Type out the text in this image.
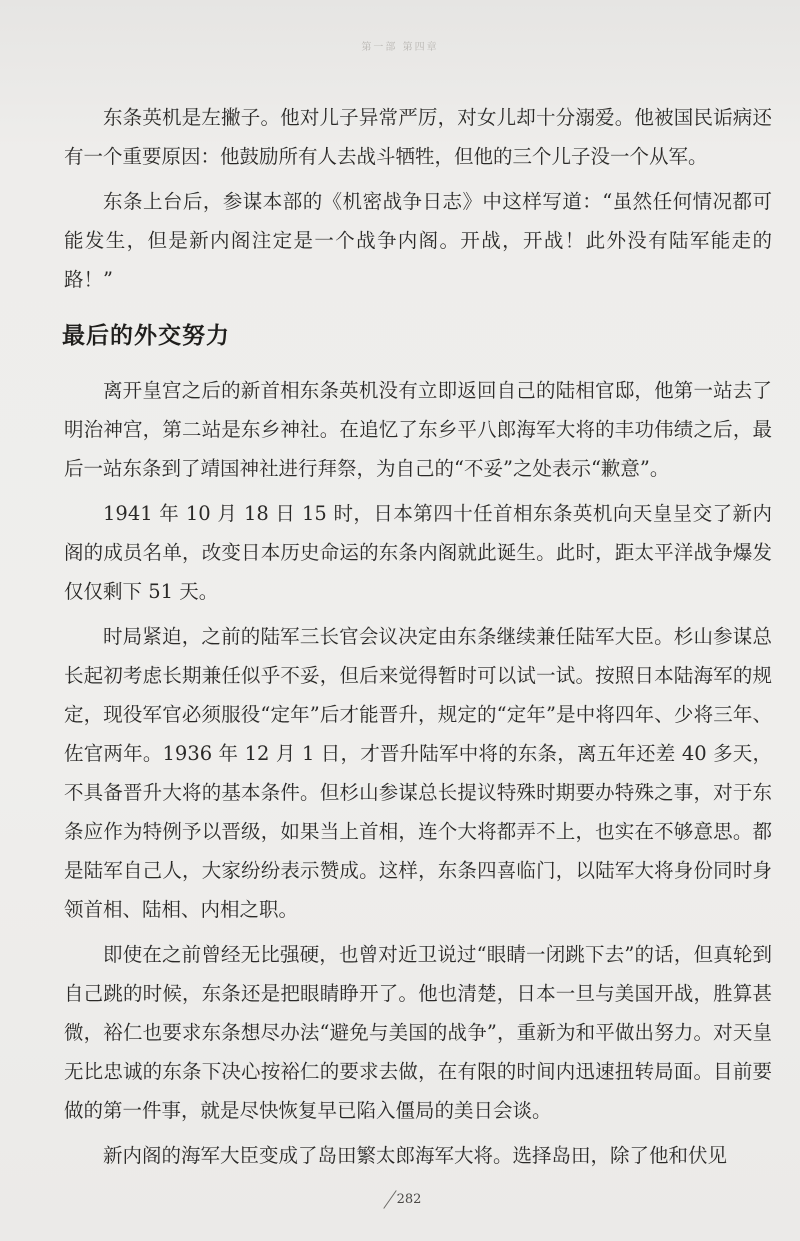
第一部 第四章

东条英机是左撇子。他对儿子异常严厉，对女儿却十分溺爱。他被国民诟病还有一个重要原因：他鼓励所有人去战斗牺牲，但他的三个儿子没一个从军。

东条上台后，参谋本部的《机密战争日志》中这样写道：“虽然任何情况都可能发生，但是新内阁注定是一个战争内阁。开战，开战！此外没有陆军能走的路！”

最后的外交努力

离开皇宫之后的新首相东条英机没有立即返回自己的陆相官邸，他第一站去了明治神宫，第二站是东乡神社。在追忆了东乡平八郎海军大将的丰功伟绩之后，最后一站东条到了靖国神社进行拜祭，为自己的“不妥”之处表示“歉意”。

1941 年 10 月 18 日 15 时，日本第四十任首相东条英机向天皇呈交了新内阁的成员名单，改变日本历史命运的东条内阁就此诞生。此时，距太平洋战争爆发仅仅剩下 51 天。

时局紧迫，之前的陆军三长官会议决定由东条继续兼任陆军大臣。杉山参谋总长起初考虑长期兼任似乎不妥，但后来觉得暂时可以试一试。按照日本陆海军的规定，现役军官必须服役“定年”后才能晋升，规定的“定年”是中将四年、少将三年、佐官两年。1936 年 12 月 1 日，才晋升陆军中将的东条，离五年还差 40 多天，不具备晋升大将的基本条件。但杉山参谋总长提议特殊时期要办特殊之事，对于东条应作为特例予以晋级，如果当上首相，连个大将都弄不上，也实在不够意思。都是陆军自己人，大家纷纷表示赞成。这样，东条四喜临门，以陆军大将身份同时身领首相、陆相、内相之职。

即使在之前曾经无比强硬，也曾对近卫说过“眼睛一闭跳下去”的话，但真轮到自己跳的时候，东条还是把眼睛睁开了。他也清楚，日本一旦与美国开战，胜算甚微，裕仁也要求东条想尽办法“避免与美国的战争”，重新为和平做出努力。对天皇无比忠诚的东条下决心按裕仁的要求去做，在有限的时间内迅速扭转局面。目前要做的第一件事，就是尽快恢复早已陷入僵局的美日会谈。

新内阁的海军大臣变成了岛田繁太郎海军大将。选择岛田，除了他和伏见

282
